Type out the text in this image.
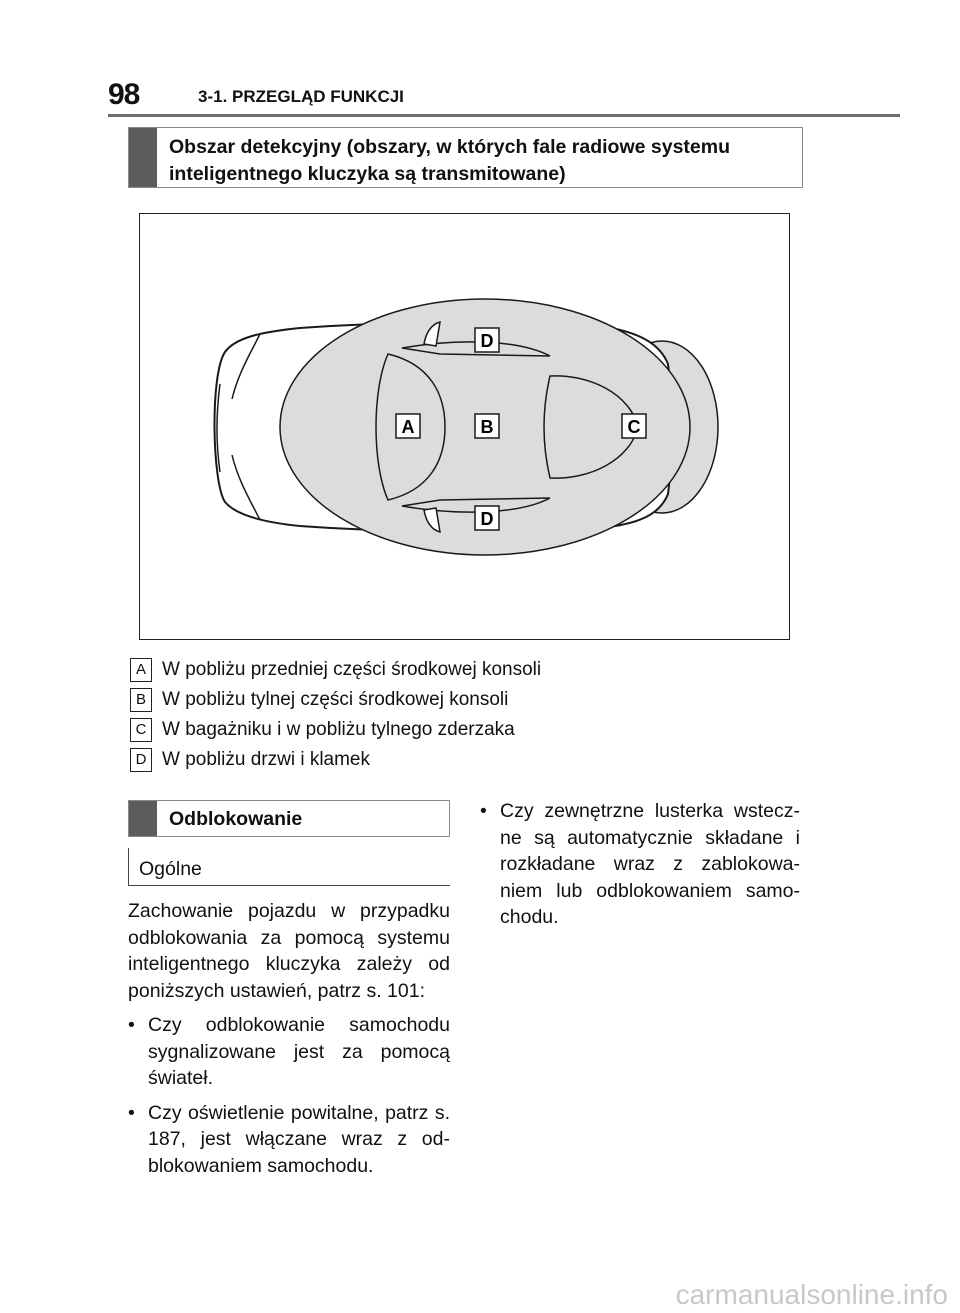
98	3-1. PRZEGLĄD FUNKCJI
Obszar detekcyjny (obszary, w których fale radiowe systemu inteligentnego kluczyka są transmitowane)
D
A	B	C
D
A W pobliżu przedniej części środkowej konsoli
B W pobliżu tylnej części środkowej konsoli
C W bagażniku i w pobliżu tylnego zderzaka
D W pobliżu drzwi i klamek
Odblokowanie
Ogólne

Zachowanie pojazdu w przypadku odblokowania za pomocą systemu inteligentnego kluczyka zależy od poniższych ustawień, patrz s. 101:

• Czy odblokowanie samochodu sygnalizowane jest za pomocą świateł.

• Czy oświetlenie powitalne, patrz s. 187, jest włączane wraz z od-blokowaniem samochodu.

• Czy zewnętrzne lusterka wstecz-ne są automatycznie składane i rozkładane wraz z zablokowa-niem lub odblokowaniem samo-chodu.

carmanualsonline.info
